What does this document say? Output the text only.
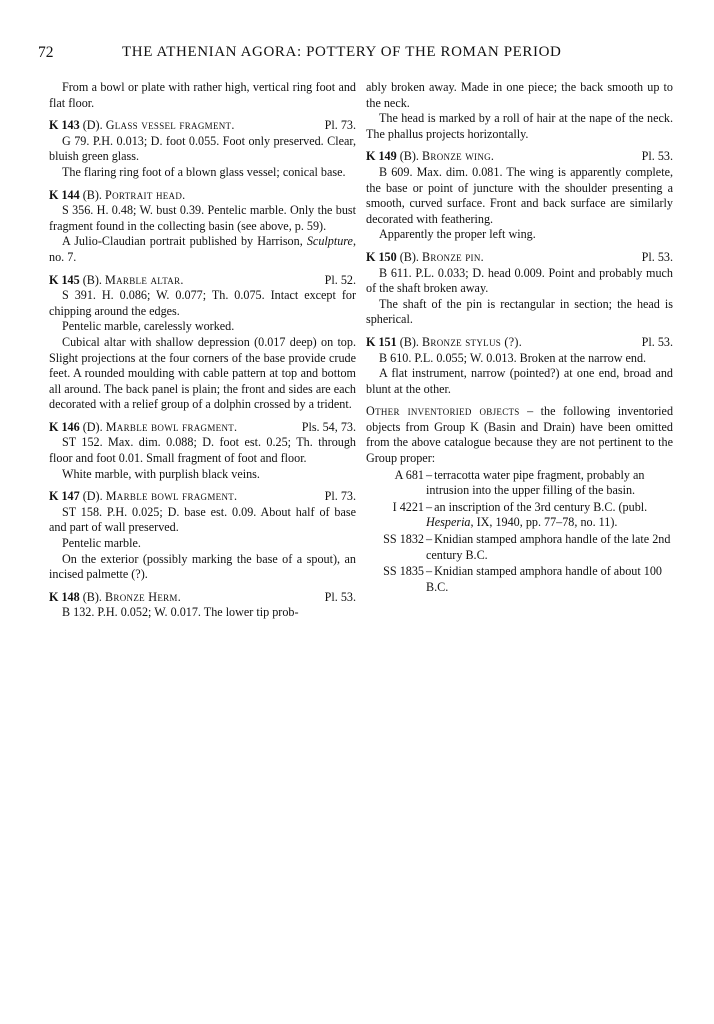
72	THE ATHENIAN AGORA: POTTERY OF THE ROMAN PERIOD

From a bowl or plate with rather high, vertical ring foot and flat floor.

K 143 (D). Glass vessel fragment.	Pl. 73.

G 79. P.H. 0.013; D. foot 0.055. Foot only preserved. Clear, bluish green glass.

The flaring ring foot of a blown glass vessel; conical base.

K 144 (B). Portrait head.

S 356. H. 0.48; W. bust 0.39. Pentelic marble. Only the bust fragment found in the collecting basin (see above, p. 59).

A Julio-Claudian portrait published by Harrison, Sculpture, no. 7.

K 145 (B). Marble altar.	Pl. 52.

S 391. H. 0.086; W. 0.077; Th. 0.075. Intact except for chipping around the edges.

Pentelic marble, carelessly worked.

Cubical altar with shallow depression (0.017 deep) on top. Slight projections at the four corners of the base provide crude feet. A rounded moulding with cable pattern at top and bottom all around. The back panel is plain; the front and sides are each decorated with a relief group of a dolphin crossed by a trident.

K 146 (D). Marble bowl fragment.	Pls. 54, 73.

ST 152. Max. dim. 0.088; D. foot est. 0.25; Th. through floor and foot 0.01. Small fragment of foot and floor.

White marble, with purplish black veins.

K 147 (D). Marble bowl fragment.	Pl. 73.

ST 158. P.H. 0.025; D. base est. 0.09. About half of base and part of wall preserved.

Pentelic marble.

On the exterior (possibly marking the base of a spout), an incised palmette (?).

K 148 (B). Bronze Herm.	Pl. 53.

B 132. P.H. 0.052; W. 0.017. The lower tip prob-

ably broken away. Made in one piece; the back smooth up to the neck.

The head is marked by a roll of hair at the nape of the neck. The phallus projects horizontally.

K 149 (B). Bronze wing.	Pl. 53.

B 609. Max. dim. 0.081. The wing is apparently complete, the base or point of juncture with the shoulder presenting a smooth, curved surface. Front and back surface are similarly decorated with feathering.

Apparently the proper left wing.

K 150 (B). Bronze pin.	Pl. 53.

B 611. P.L. 0.033; D. head 0.009. Point and probably much of the shaft broken away.

The shaft of the pin is rectangular in section; the head is spherical.

K 151 (B). Bronze stylus (?).	Pl. 53.

B 610. P.L. 0.055; W. 0.013. Broken at the narrow end.

A flat instrument, narrow (pointed?) at one end, broad and blunt at the other.

Other inventoried objects – the following inventoried objects from Group K (Basin and Drain) have been omitted from the above catalogue because they are not pertinent to the Group proper:

A 681 – terracotta water pipe fragment, probably an intrusion into the upper filling of the basin.
I 4221 – an inscription of the 3rd century B.C. (publ. Hesperia, IX, 1940, pp. 77–78, no. 11).
SS 1832 – Knidian stamped amphora handle of the late 2nd century B.C.
SS 1835 – Knidian stamped amphora handle of about 100 B.C.
